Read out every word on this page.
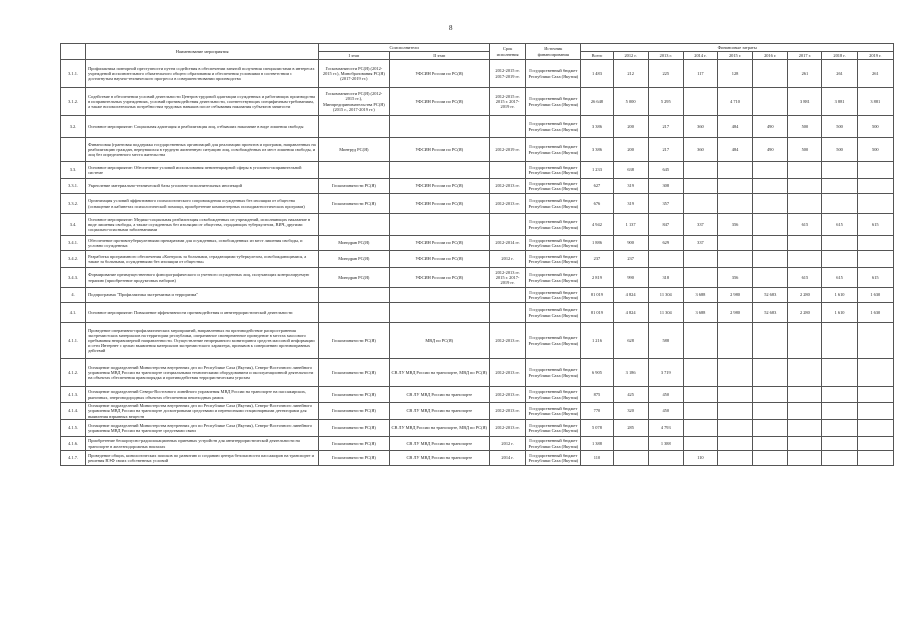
8
	Наименование мероприятия	Соисполнители		Срок исполнения	Источник финансирования	Финансовые затраты								
		I этап	II этап			Всего	2012 г.	2013 г.	2014 г.	2015 г.	2016 г.	2017 г.	2018 г.	2019 г.
3.1.1.	Профилактика повторной преступности путем содействия в обеспечении занятой получения специалистами в интересах учреждений исполнительного обязательного общего образования и обеспечения условиями в соответствии с достигнутым научно-технического прогресса в совершенствовании производства	Госкомзанятости РС(Я) (2012-2015 гг.), Минобразования РС(Я) (2017-2019 гг.)	УФСИН России по РС(Я)	2012-2015 гг. 2017-2019 гг.	Государственный бюджет Республики Саха (Якутия)	1 483	212	225	117	128		261	261	261
3.1.2.	Содействие в обеспечении условий деятельности Центров трудовой адаптации осужденных и работающих производства в исправительных учреждениях, условий противодействия деятельности, соответствующих специфичным требованиям, а также вспомогательных потребностям трудовых навыков после отбывания наказания субъектов занятости	Госкомзанятости РС(Я) (2012-2015 гг.), Минпредпринимательства РС(Я) (2015 г., 2017-2019 гг.)	УФСИН России по РС(Я)	2012-2015 гг. 2015 г. 2017-2019 гг.	Государственный бюджет Республики Саха (Якутия)	26 648	5 000	5 295		4 710		3 881	3 881	3 881
3.2.	Основное мероприятие: Социальная адаптация и реабилитация лиц, отбывших наказание в виде лишения свободы				Государственный бюджет Республики Саха (Якутия)	3 386	200	217	360	484	490	500	500	500
	Финансовая (грантовая поддержка государственных организаций для реализации проектов и программ, направленных на реабилитацию граждан, вернувшихся в трудную жизненную ситуацию лиц, освобождённых из мест лишения свободы, и лиц без определенного места жительства	Минтруд РС(Я)	УФСИН России по РС(Я)	2012-2019 гг.	Государственный бюджет Республики Саха (Якутия)	3 386	200	217	360	484	490	500	500	500
3.3.	Основное мероприятие: Обеспечение условий использования пенитенциарной сферы в уголовно-исправительной системе				Государственный бюджет Республики Саха (Якутия)	1 233	638	645						
3.3.1.	Укрепление материально-технической базы уголовно-исполнительных инспекций	Госкомзанятости РС(Я)	УФСИН России по РС(Я)	2012-2013 гг.	Государственный бюджет Республики Саха (Якутия)	627	319	308						
3.3.2.	Организация условий эффективного психологического сопровождения осужденных без изоляции от общества (оснащение в кабинетах психологической помощи, приобретение компьютерных психодиагностических программ)	Госкомзанятости РС(Я)	УФСИН России по РС(Я)	2012-2013 гг.	Государственный бюджет Республики Саха (Якутия)	676	319	357						
3.4.	Основное мероприятие: Медико-социальная реабилитация освобожденных из учреждений, исполняющих наказание в виде лишения свободы, а также осужденных без изоляции от общества, страдающих туберкулезом, ВИЧ, другими социально-опасными заболеваниями				Государственный бюджет Республики Саха (Якутия)	4 942	1 137	847	337	356		615	615	615
3.4.1.	Обеспечение противотуберкулезными препаратами для осужденных, освобожденных из мест лишения свободы, и условно осужденных	Минздрав РС(Я)	УФСИН России по РС(Я)	2012-2014 гг.	Государственный бюджет Республики Саха (Якутия)	1 886	900	629	337					
3.4.2.	Разработка программного обеспечения «Контроль за больными, страдающими туберкулезом, освобождающимися, а также за больными, осужденными без изоляции от общества»	Минздрав РС(Я)	УФСИН России по РС(Я)	2012 г.	Государственный бюджет Республики Саха (Якутия)	237	237							
3.4.3.	Формирование преимущественного флюорографического и учетного осужденных лиц, получающих контролируемую терапию (приобретение продуктовых наборов)	Минздрав РС(Я)	УФСИН России по РС(Я)	2012-2013 гг. 2015 г. 2017-2019 гг.	Государственный бюджет Республики Саха (Якутия)	2 819	990	318		356		615	615	615
4.	Подпрограмма "Профилактика экстремизма и терроризма"				Государственный бюджет Республики Саха (Якутия)	81 019	4 824	11 304	3 688	2 980	52 683	2 280	1 610	1 630
4.1.	Основное мероприятие: Повышение эффективности противодействия и антитеррористической деятельности				Государственный бюджет Республики Саха (Якутия)	81 019	4 824	11 304	3 688	2 980	52 683	2 280	1 610	1 630
4.1.1.	Проведение оперативно-профилактических мероприятий, направленных на противодействие распространения экстремистских материалов на территории республики, оперативное своевременное проведение в местах массового пребывания неправомерной направленности. Осуществление непрерывного мониторинга средств массовой информации и сети Интернет с целью выявления материалов экстремистского характера, призывов к совершению противоправных действий	Госкомзанятости РС(Я)	МВД по РС(Я)	2012-2013 гг.	Государственный бюджет Республики Саха (Якутия)	1 216	628	588						
4.1.2.	Оснащение подразделений Министерства внутренних дел по Республике Саха (Якутия), Северо-Восточного линейного управления МВД России на транспорте специальными техническими оборудованием и эксплуатационной деятельности на объектах обеспечения правопорядка и противодействия террористическим угрозам	Госкомзанятости РС(Я)	СВ ЛУ МВД России на транспорте, МВД по РС(Я)	2012-2013 гг.	Государственный бюджет Республики Саха (Якутия)	6 905	3 186	3 719						
4.1.3.	Оснащение подразделений Северо-Восточного линейного управления МВД России на транспорте на пассажирских, рыночных, энерговодородных объектах обеспечения пешеходных рамок	Госкомзанятости РС(Я)	СВ ЛУ МВД России на транспорте	2012-2013 гг.	Государственный бюджет Республики Саха (Якутия)	875	425	450						
4.1.4.	Оснащение подразделений Министерства внутренних дел по Республике Саха (Якутия), Северо-Восточного линейного управления МВД России на транспорте досмотровыми средствами и переносными стационарными детекторами для выявления взрывных веществ	Госкомзанятости РС(Я)	СВ ЛУ МВД России на транспорте	2012-2013 гг.	Государственный бюджет Республики Саха (Якутия)	770	320	450						
4.1.5.	Оснащение подразделений Министерства внутренних дел по Республике Саха (Якутия), Северо-Восточного линейного управления МВД России на транспорте средствами связи	Госкомзанятости РС(Я)	СВ ЛУ МВД России на транспорте, МВД по РС(Я)	2012-2013 гг.	Государственный бюджет Республики Саха (Якутия)	5 078	285	4 793						
4.1.6.	Приобретение бескорпусно-радиолокационных приемных устройств для антитеррористической деятельности на транспорте в железнодорожных вокзалах	Госкомзанятости РС(Я)	СВ ЛУ МВД России на транспорте	2012 г.	Государственный бюджет Республики Саха (Якутия)	1 388		1 388						
4.1.7.	Проведение общих, кинологических поисков по развитию и созданию центра безопасности пассажиров на транспорте и решения ВЭФ своих собственных условий	Госкомзанятости РС(Я)	СВ ЛУ МВД России на транспорте	2014 г.	Государственный бюджет Республики Саха (Якутия)	110			110					
